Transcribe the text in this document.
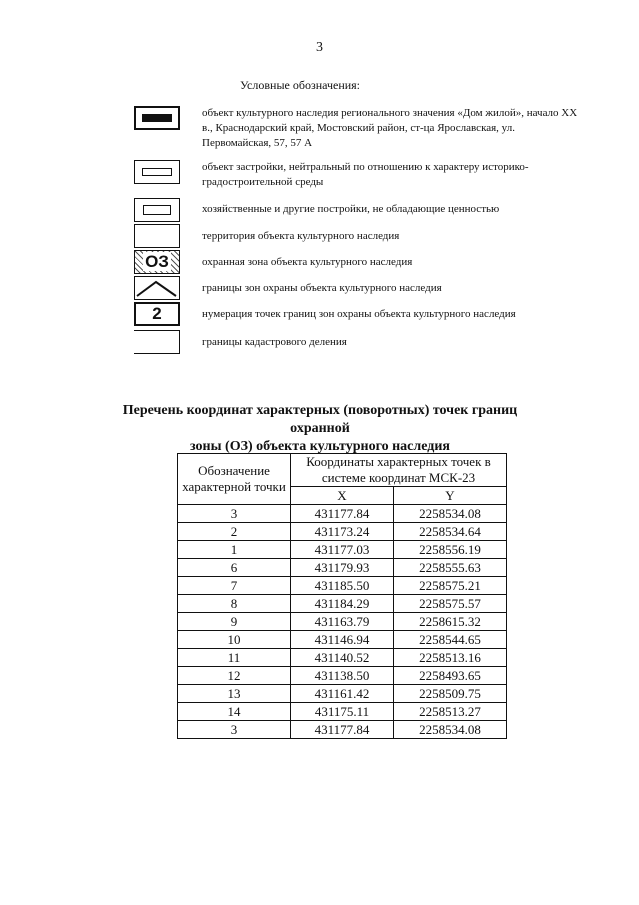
3
Условные обозначения:
объект культурного наследия регионального значения «Дом жилой», начало XX в., Краснодарский край, Мостовский район, ст-ца Ярославская, ул. Первомайская, 57, 57 А
объект застройки, нейтральный по отношению к характеру историко-градостроительной среды
хозяйственные и другие постройки, не обладающие ценностью
территория объекта культурного наследия
ОЗ	охранная зона объекта культурного наследия
границы зон охраны объекта культурного наследия
2	нумерация точек границ зон охраны объекта культурного наследия
границы кадастрового деления
Перечень координат характерных (поворотных) точек границ охранной
зоны (ОЗ) объекта культурного наследия
Обозначение характерной точки	Координаты характерных точек в системе координат МСК-23	
	X	Y
3	431177.84	2258534.08
2	431173.24	2258534.64
1	431177.03	2258556.19
6	431179.93	2258555.63
7	431185.50	2258575.21
8	431184.29	2258575.57
9	431163.79	2258615.32
10	431146.94	2258544.65
11	431140.52	2258513.16
12	431138.50	2258493.65
13	431161.42	2258509.75
14	431175.11	2258513.27
3	431177.84	2258534.08
